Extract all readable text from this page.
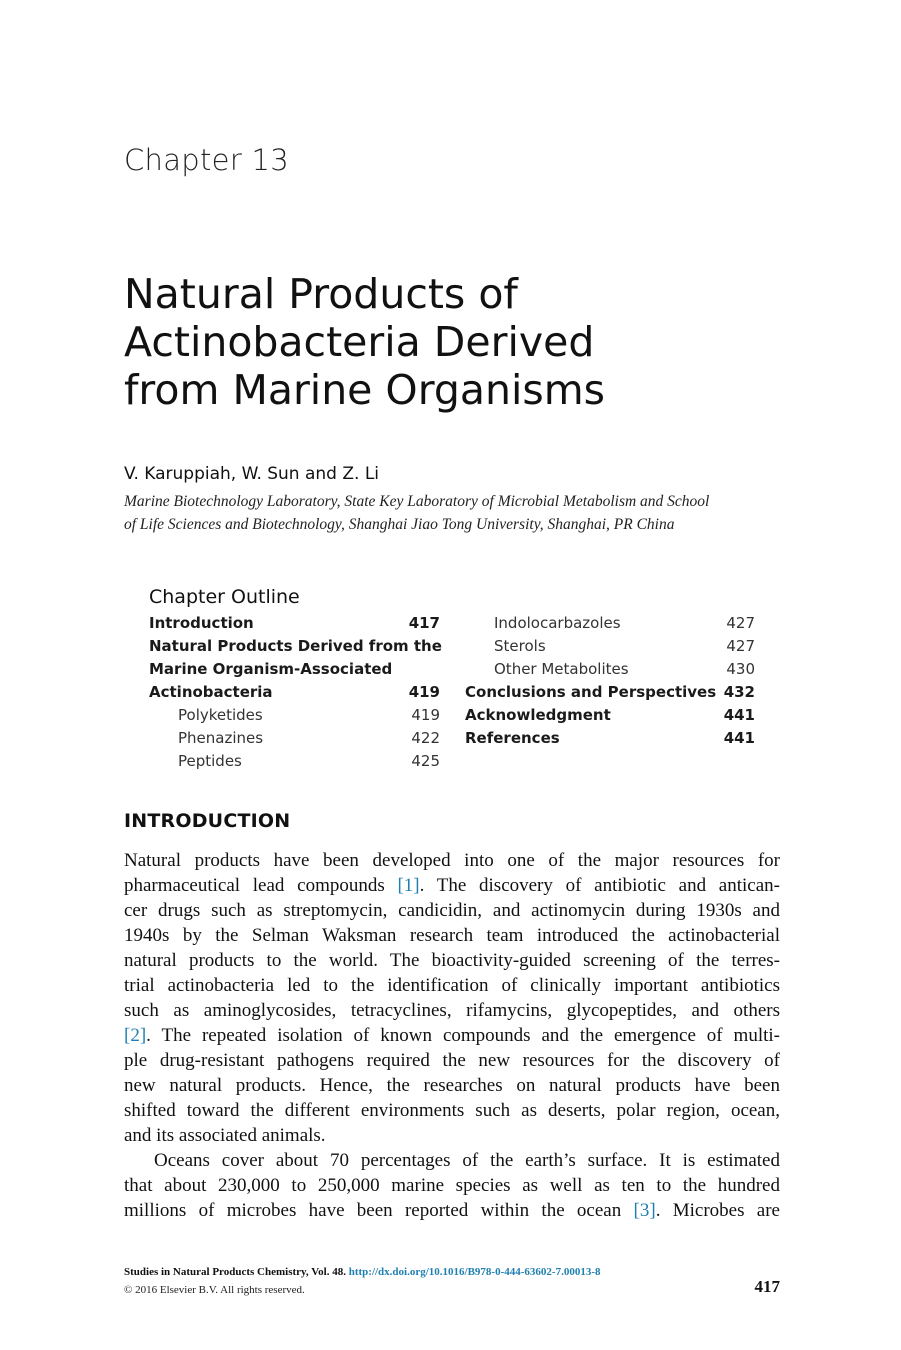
Chapter 13
Natural Products of
Actinobacteria Derived
from Marine Organisms
V. Karuppiah, W. Sun and Z. Li
Marine Biotechnology Laboratory, State Key Laboratory of Microbial Metabolism and School
of Life Sciences and Biotechnology, Shanghai Jiao Tong University, Shanghai, PR China
Chapter Outline
Introduction	417
Natural Products Derived from the
Marine Organism-Associated
Actinobacteria	419
Polyketides	419
Phenazines	422
Peptides	425
Indolocarbazoles	427
Sterols	427
Other Metabolites	430
Conclusions and Perspectives 432
Acknowledgment	441
References	441
INTRODUCTION
Natural products have been developed into one of the major resources for
pharmaceutical lead compounds [1]. The discovery of antibiotic and antican-
cer drugs such as streptomycin, candicidin, and actinomycin during 1930s and
1940s by the Selman Waksman research team introduced the actinobacterial
natural products to the world. The bioactivity-guided screening of the terres-
trial actinobacteria led to the identification of clinically important antibiotics
such as aminoglycosides, tetracyclines, rifamycins, glycopeptides, and others
[2]. The repeated isolation of known compounds and the emergence of multi-
ple drug-resistant pathogens required the new resources for the discovery of
new natural products. Hence, the researches on natural products have been
shifted toward the different environments such as deserts, polar region, ocean,
and its associated animals.
Oceans cover about 70 percentages of the earth’s surface. It is estimated
that about 230,000 to 250,000 marine species as well as ten to the hundred
millions of microbes have been reported within the ocean [3]. Microbes are
Studies in Natural Products Chemistry, Vol. 48. http://dx.doi.org/10.1016/B978-0-444-63602-7.00013-8
© 2016 Elsevier B.V. All rights reserved.	417
